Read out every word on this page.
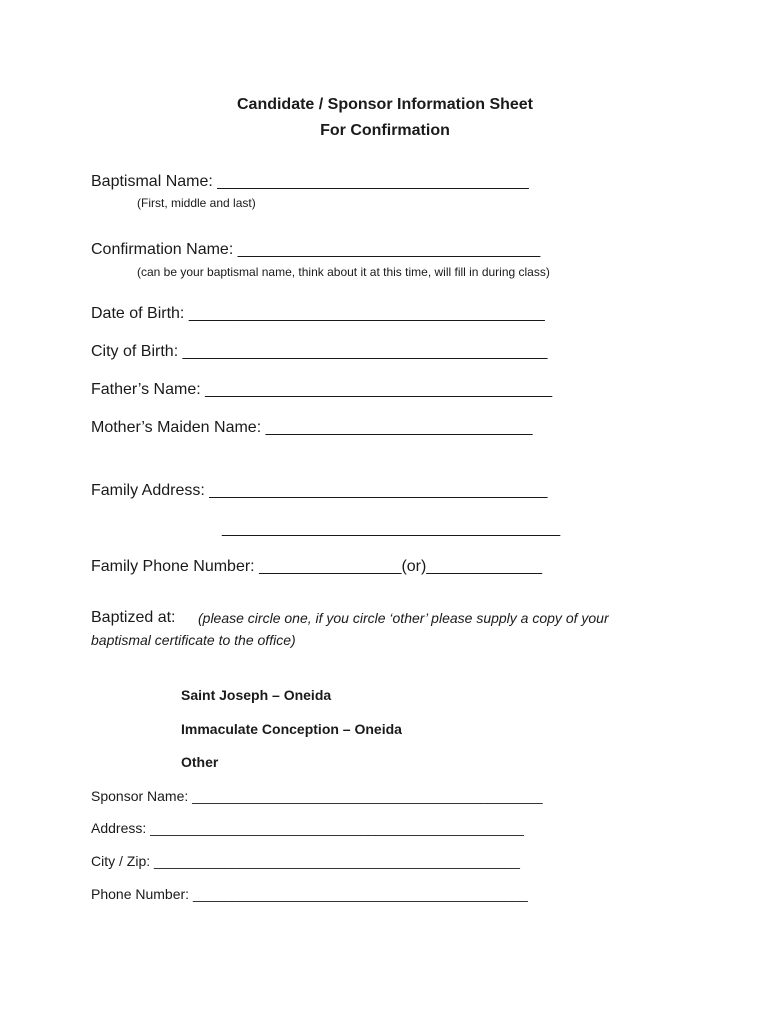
Candidate / Sponsor Information Sheet
For Confirmation
Baptismal Name: ___________________________________
(First, middle and last)
Confirmation Name: __________________________________
(can be your baptismal name, think about it at this time, will fill in during class)
Date of Birth: ________________________________________
City of Birth: _________________________________________
Father’s Name: _______________________________________
Mother’s Maiden Name: ______________________________
Family Address: ______________________________________
______________________________________
Family Phone Number: ________________(or)_____________
Baptized at: (please circle one, if you circle ‘other’ please supply a copy of your
baptismal certificate to the office)
Saint Joseph – Oneida
Immaculate Conception – Oneida
Other
Sponsor Name: _____________________________________________
Address: ________________________________________________
City / Zip: _______________________________________________
Phone Number: ___________________________________________
